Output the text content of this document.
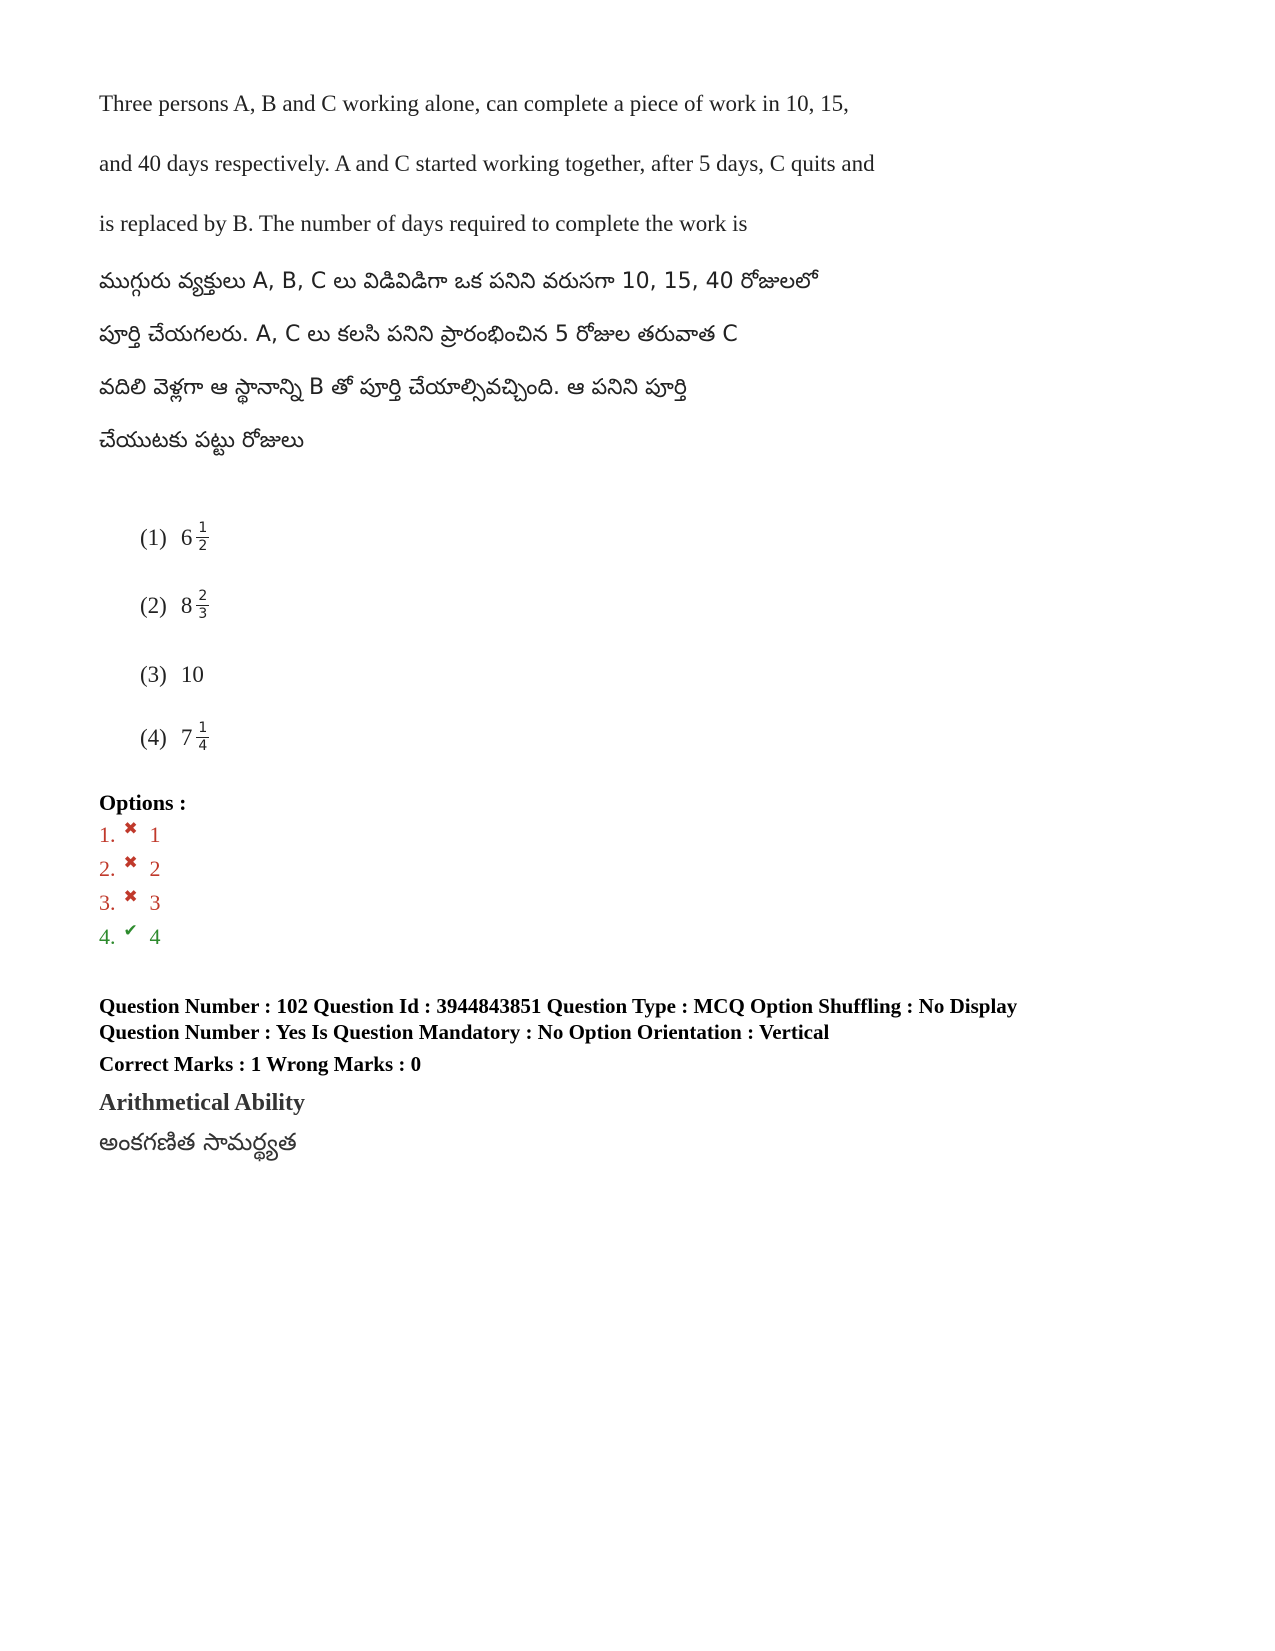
Three persons A, B and C working alone, can complete a piece of work in 10, 15,
and 40 days respectively. A and C started working together, after 5 days, C quits and
is replaced by B. The number of days required to complete the work is
ముగ్గురు వ్యక్తులు A, B, C లు విడివిడిగా ఒక పనిని వరుసగా 10, 15, 40 రోజులలో
పూర్తి చేయగలరు. A, C లు కలసి పనిని ప్రారంభించిన 5 రోజుల తరువాత C
వదిలి వెళ్లగా ఆ స్థానాన్ని B తో పూర్తి చేయాల్సివచ్చింది. ఆ పనిని పూర్తి
చేయుటకు పట్టు రోజులు
(1) $6 \frac{1}{2}$
(2) $8 \frac{2}{3}$
(3) 10
(4) $7 \frac{1}{4}$
Options :
1. ✖ 1
2. ✖ 2
3. ✖ 3
4. ✔ 4
Question Number : 102 Question Id : 3944843851 Question Type : MCQ Option Shuffling : No Display
Question Number : Yes Is Question Mandatory : No Option Orientation : Vertical
Correct Marks : 1 Wrong Marks : 0
Arithmetical Ability
అంకగణిత సామర్థ్యత
